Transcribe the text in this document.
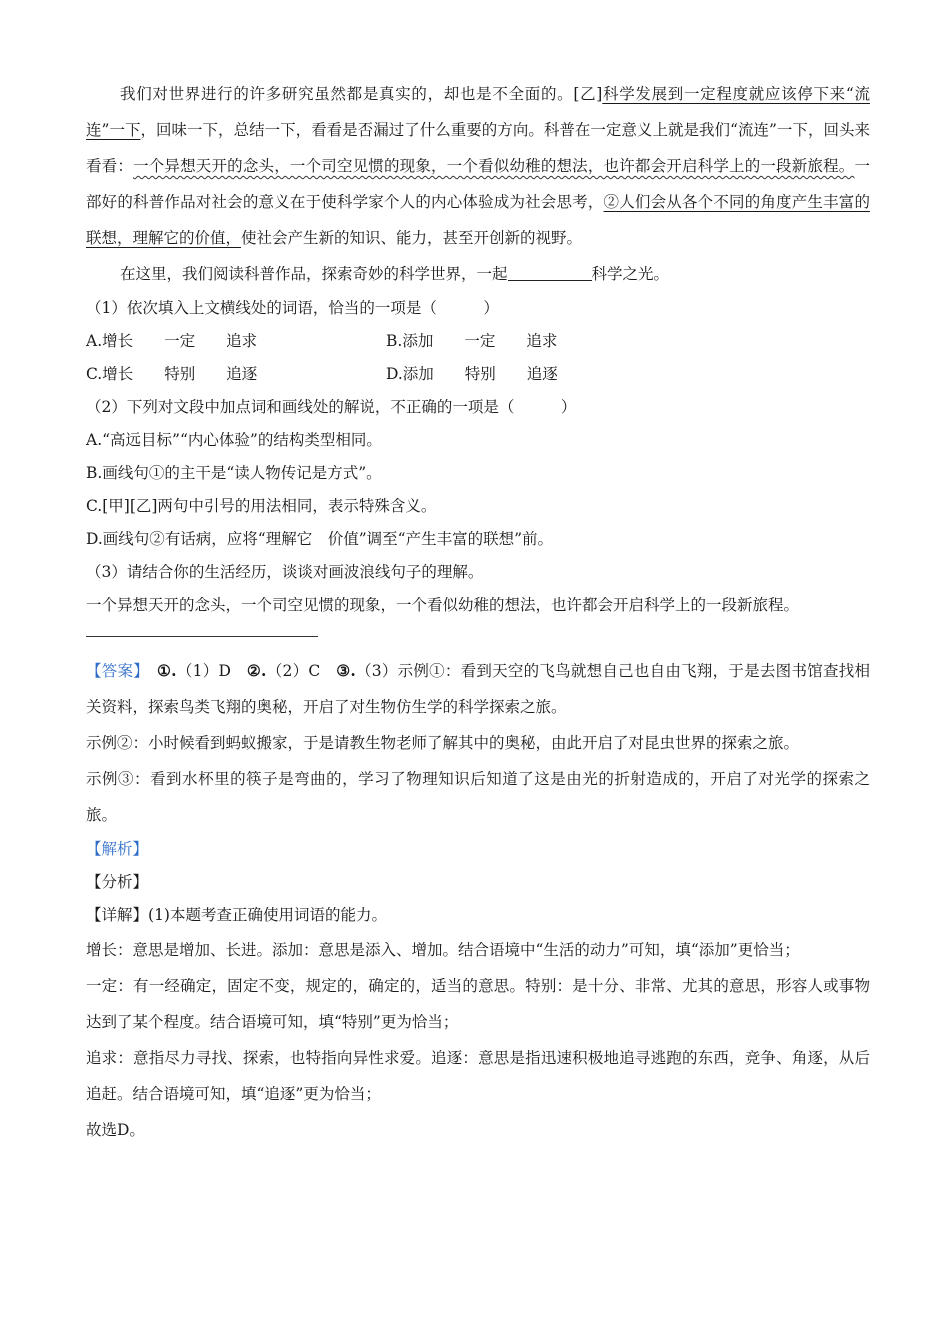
我们对世界进行的许多研究虽然都是真实的，却也是不全面的。[乙]科学发展到一定程度就应该停下来“流连”一下，回味一下，总结一下，看看是否漏过了什么重要的方向。科普在一定意义上就是我们“流连”一下，回头来看看：一个异想天开的念头，一个司空见惯的现象，一个看似幼稚的想法，也许都会开启科学上的一段新旅程。一部好的科普作品对社会的意义在于使科学家个人的内心体验成为社会思考，②人们会从各个不同的角度产生丰富的联想，理解它的价值，使社会产生新的知识、能力，甚至开创新的视野。

在这里，我们阅读科普作品，探索奇妙的科学世界，一起	科学之光。

（1）依次填入上文横线处的词语，恰当的一项是（　　　）

A.增长　　一定　　追求	B.添加　　一定　　追求
C.增长　　特别　　追逐	D.添加　　特别　　追逐

（2）下列对文段中加点词和画线处的解说，不正确的一项是（　　　）

A.“高远目标”“内心体验”的结构类型相同。

B.画线句①的主干是“读人物传记是方式”。

C.[甲][乙]两句中引号的用法相同，表示特殊含义。

D.画线句②有话病，应将“理解它　价值”调至“产生丰富的联想”前。

（3）请结合你的生活经历，谈谈对画波浪线句子的理解。

一个异想天开的念头，一个司空见惯的现象，一个看似幼稚的想法，也许都会开启科学上的一段新旅程。

【答案】　 ①.（1）D　 ②.（2）C　 ③.（3）示例①：看到天空的飞鸟就想自己也自由飞翔，于是去图书馆查找相关资料，探索鸟类飞翔的奥秘，开启了对生物仿生学的科学探索之旅。

示例②：小时候看到蚂蚁搬家，于是请教生物老师了解其中的奥秘，由此开启了对昆虫世界的探索之旅。

示例③：看到水杯里的筷子是弯曲的，学习了物理知识后知道了这是由光的折射造成的，开启了对光学的探索之旅。

【解析】

【分析】

【详解】(1)本题考查正确使用词语的能力。

增长：意思是增加、长进。添加：意思是添入、增加。结合语境中“生活的动力”可知，填“添加”更恰当；

一定：有一经确定，固定不变，规定的，确定的，适当的意思。特别：是十分、非常、尤其的意思，形容人或事物达到了某个程度。结合语境可知，填“特别”更为恰当；

追求：意指尽力寻找、探索，也特指向异性求爱。追逐：意思是指迅速积极地追寻逃跑的东西，竞争、角逐，从后追赶。结合语境可知，填“追逐”更为恰当；

故选D。
